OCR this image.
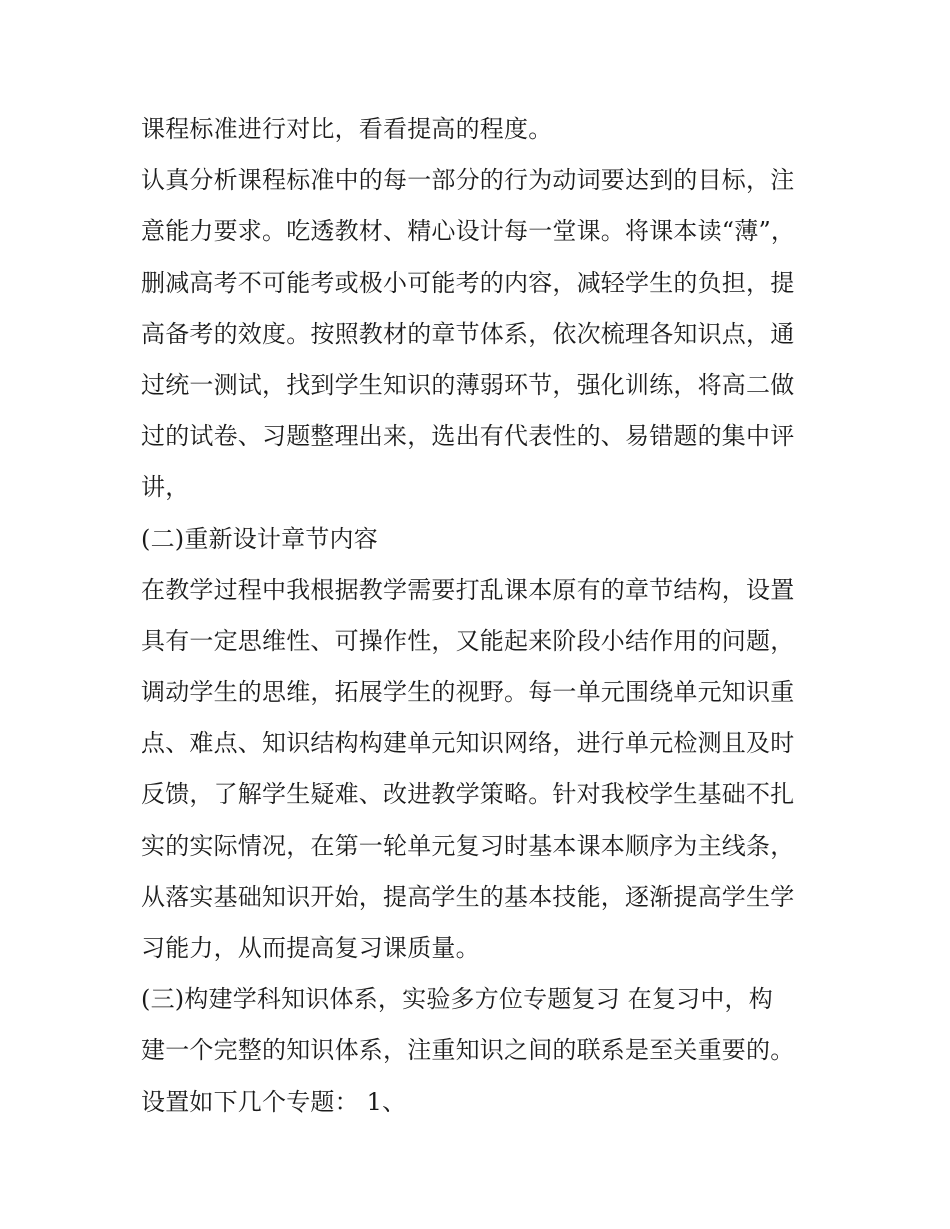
课程标准进行对比，看看提高的程度。
认真分析课程标准中的每一部分的行为动词要达到的目标，注
意能力要求。吃透教材、精心设计每一堂课。将课本读“薄”，
删减高考不可能考或极小可能考的内容，减轻学生的负担，提
高备考的效度。按照教材的章节体系，依次梳理各知识点，通
过统一测试，找到学生知识的薄弱环节，强化训练，将高二做
过的试卷、习题整理出来，选出有代表性的、易错题的集中评
讲，
(二)重新设计章节内容
在教学过程中我根据教学需要打乱课本原有的章节结构，设置
具有一定思维性、可操作性，又能起来阶段小结作用的问题，
调动学生的思维，拓展学生的视野。每一单元围绕单元知识重
点、难点、知识结构构建单元知识网络，进行单元检测且及时
反馈，了解学生疑难、改进教学策略。针对我校学生基础不扎
实的实际情况，在第一轮单元复习时基本课本顺序为主线条，
从落实基础知识开始，提高学生的基本技能，逐渐提高学生学
习能力，从而提高复习课质量。
(三)构建学科知识体系，实验多方位专题复习 在复习中，构
建一个完整的知识体系，注重知识之间的联系是至关重要的。
设置如下几个专题： 1、
